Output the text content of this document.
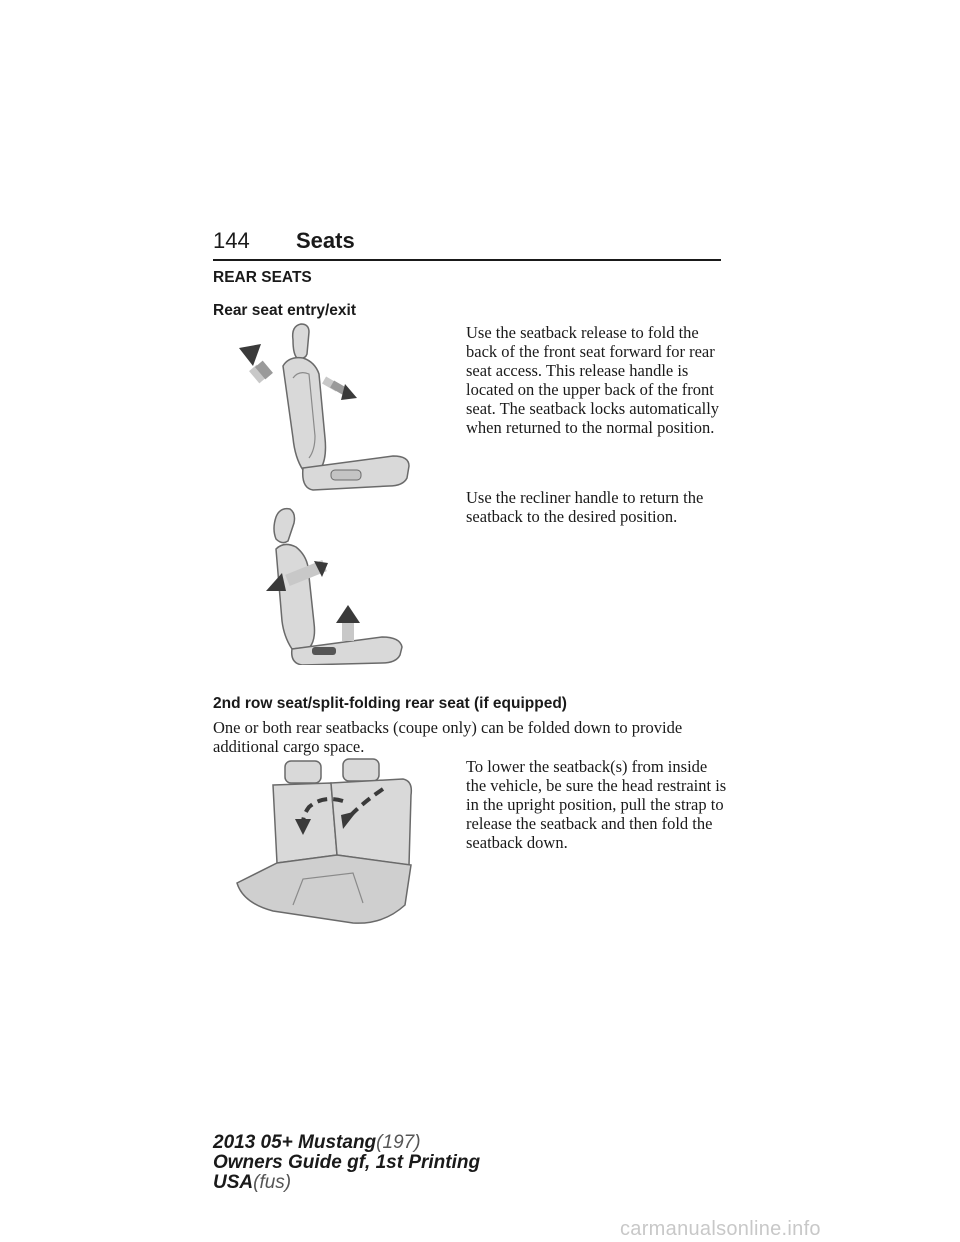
144 Seats
REAR SEATS
Rear seat entry/exit

Use the seatback release to fold the back of the front seat forward for rear seat access. This release handle is located on the upper back of the front seat. The seatback locks automatically when returned to the normal position.

Use the recliner handle to return the seatback to the desired position.

2nd row seat/split-folding rear seat (if equipped)

One or both rear seatbacks (coupe only) can be folded down to provide additional cargo space.

To lower the seatback(s) from inside the vehicle, be sure the head restraint is in the upright position, pull the strap to release the seatback and then fold the seatback down.

2013 05+ Mustang(197)
Owners Guide gf, 1st Printing
USA(fus)
carmanualsonline.info
